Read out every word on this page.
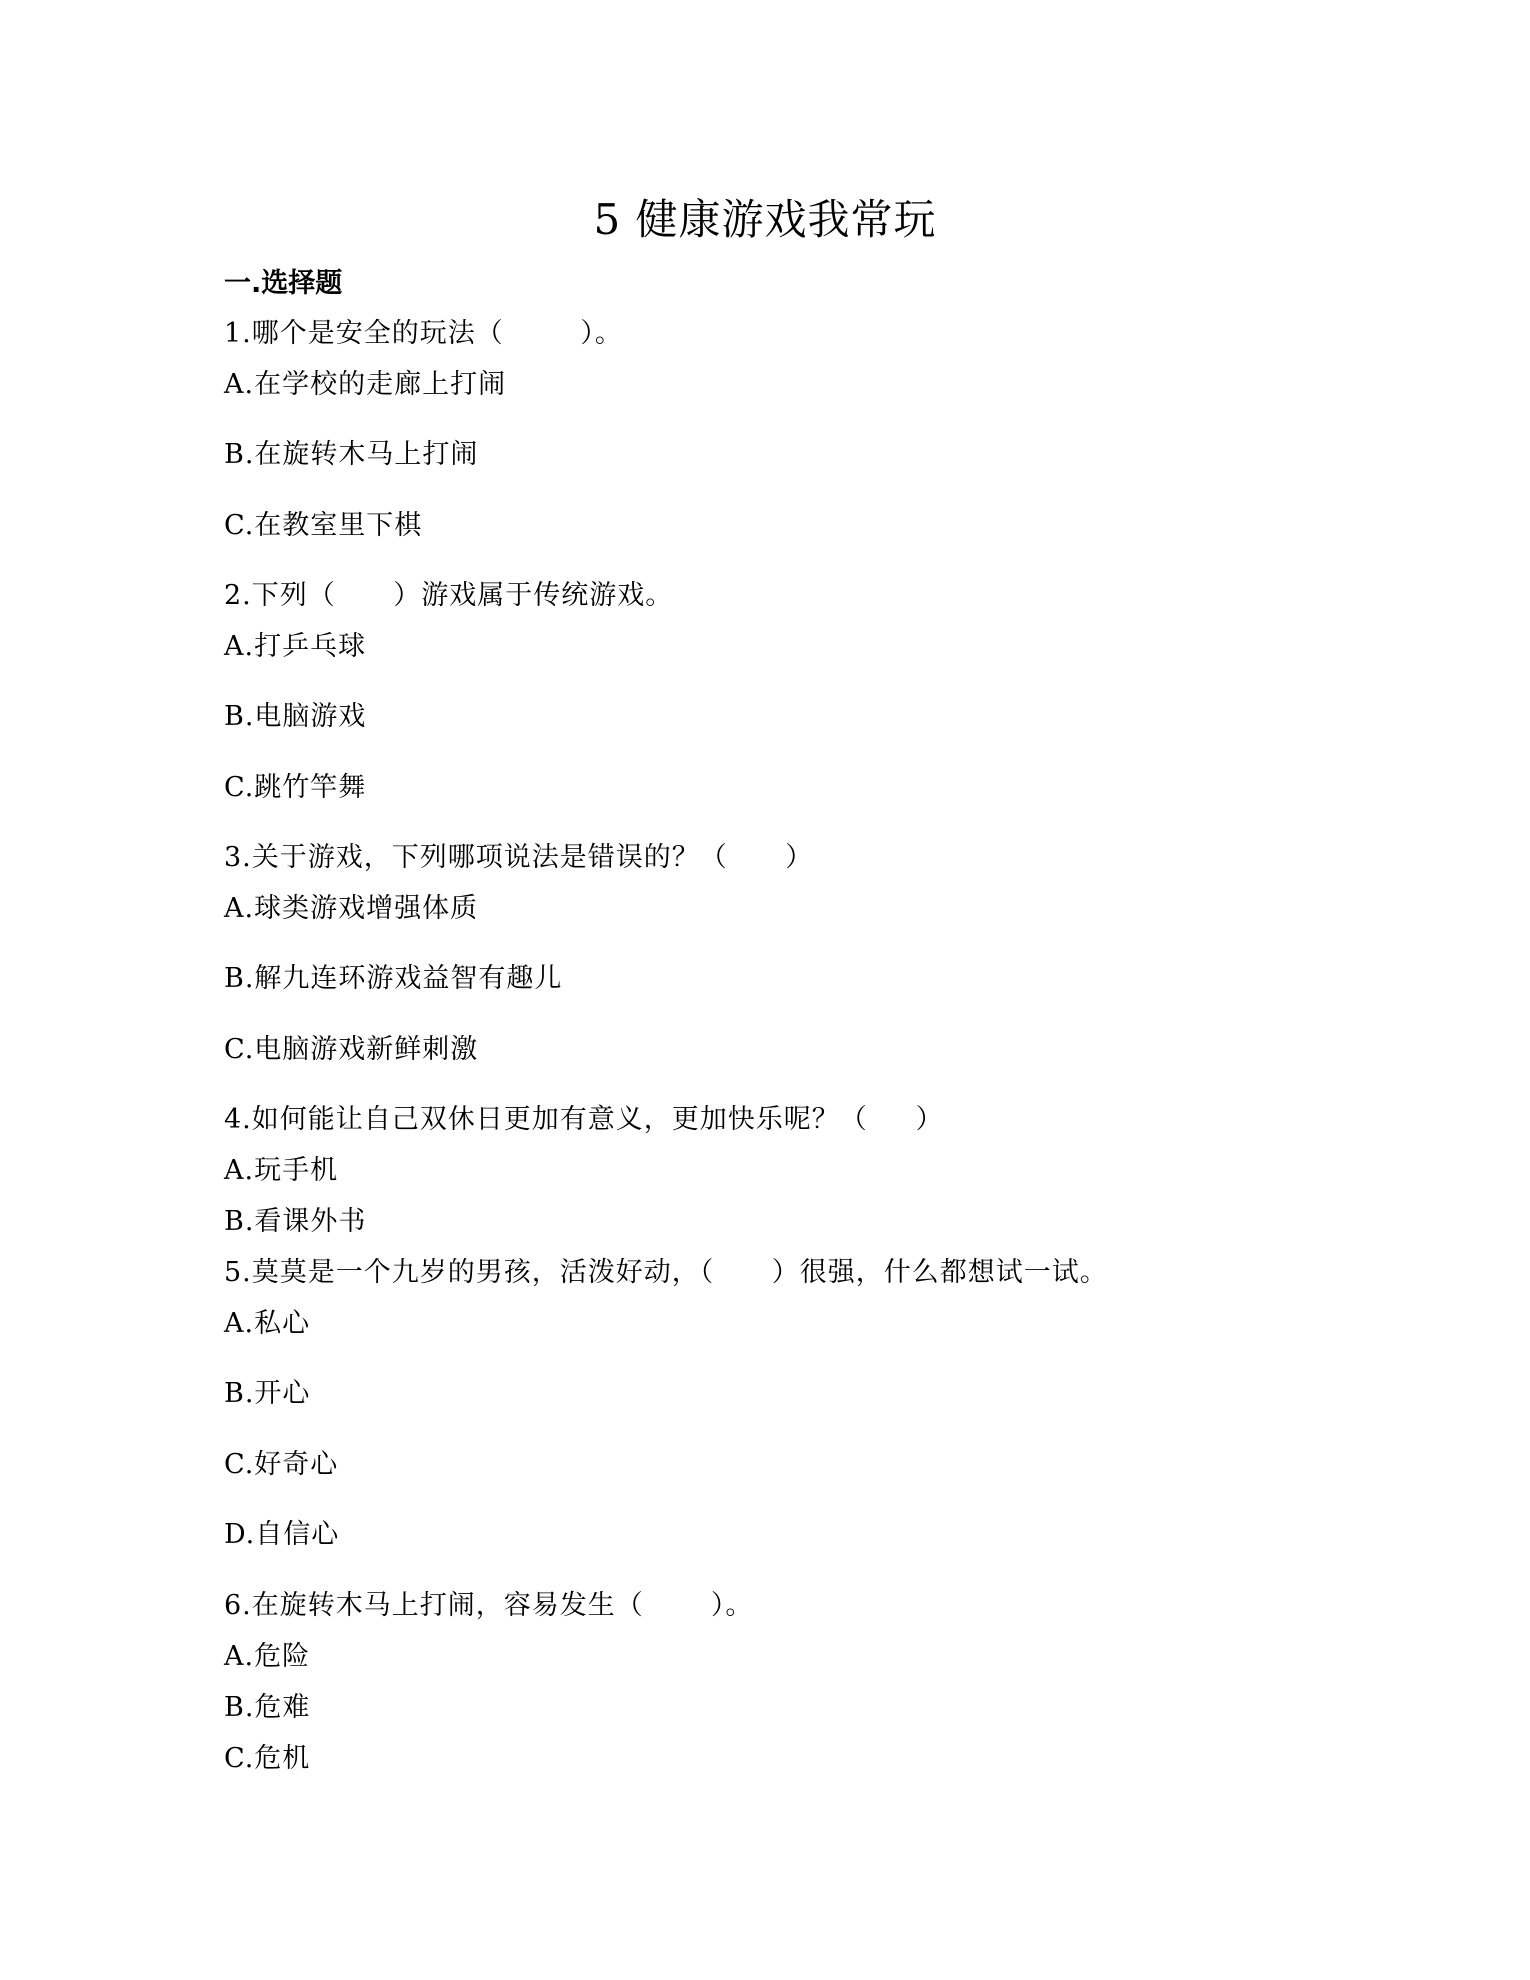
5 健康游戏我常玩
一.选择题
1.哪个是安全的玩法（        ）。
A.在学校的走廊上打闹
B.在旋转木马上打闹
C.在教室里下棋
2.下列（      ）游戏属于传统游戏。
A.打乒乓球
B.电脑游戏
C.跳竹竿舞
3.关于游戏，下列哪项说法是错误的？（      ）
A.球类游戏增强体质
B.解九连环游戏益智有趣儿
C.电脑游戏新鲜刺激
4.如何能让自己双休日更加有意义，更加快乐呢？（     ）
A.玩手机
B.看课外书
5.莫莫是一个九岁的男孩，活泼好动，（      ）很强，什么都想试一试。
A.私心
B.开心
C.好奇心
D.自信心
6.在旋转木马上打闹，容易发生（       ）。
A.危险
B.危难
C.危机
